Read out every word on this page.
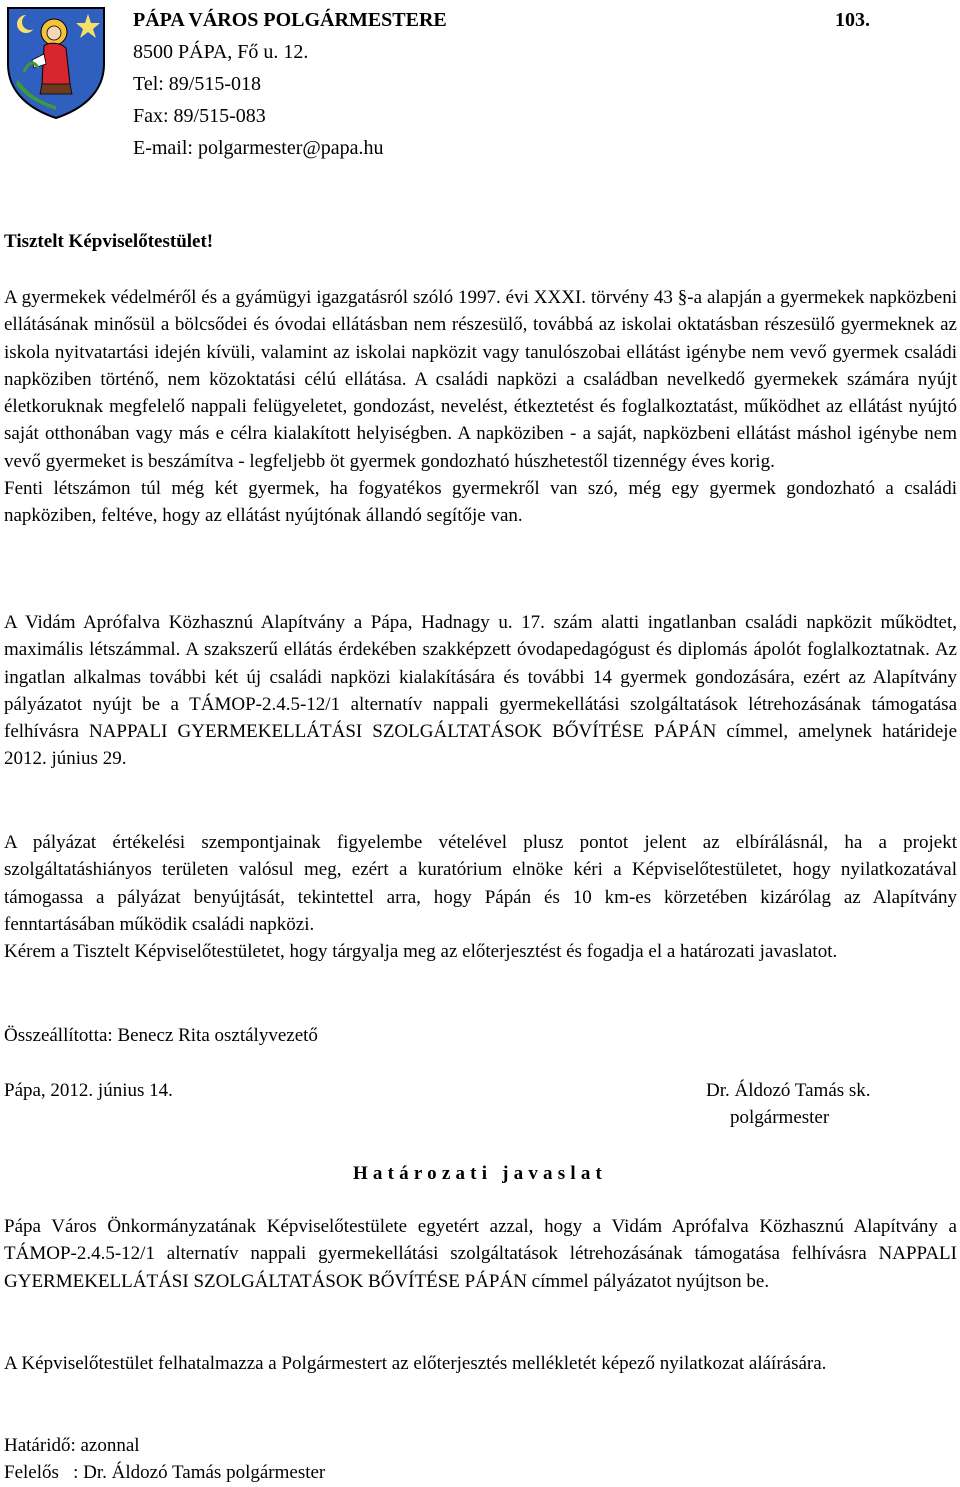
PÁPA VÁROS POLGÁRMESTERE
8500 PÁPA, Fő u. 12.
Tel: 89/515-018
Fax: 89/515-083
E-mail: polgarmester@papa.hu
103.
Tisztelt Képviselőtestület!

A gyermekek védelméről és a gyámügyi igazgatásról szóló 1997. évi XXXI. törvény 43 §-a alapján a gyermekek napközbeni ellátásának minősül a bölcsődei és óvodai ellátásban nem részesülő, továbbá az iskolai oktatásban részesülő gyermeknek az iskola nyitvatartási idején kívüli, valamint az iskolai napközit vagy tanulószobai ellátást igénybe nem vevő gyermek családi napköziben történő, nem közoktatási célú ellátása. A családi napközi a családban nevelkedő gyermekek számára nyújt életkoruknak megfelelő nappali felügyeletet, gondozást, nevelést, étkeztetést és foglalkoztatást, működhet az ellátást nyújtó saját otthonában vagy más e célra kialakított helyiségben. A napköziben - a saját, napközbeni ellátást máshol igénybe nem vevő gyermeket is beszámítva - legfeljebb öt gyermek gondozható húszhetestől tizennégy éves korig.

Fenti létszámon túl még két gyermek, ha fogyatékos gyermekről van szó, még egy gyermek gondozható a családi napköziben, feltéve, hogy az ellátást nyújtónak állandó segítője van.

A Vidám Aprófalva Közhasznú Alapítvány a Pápa, Hadnagy u. 17. szám alatti ingatlanban családi napközit működtet, maximális létszámmal. A szakszerű ellátás érdekében szakképzett óvodapedagógust és diplomás ápolót foglalkoztatnak. Az ingatlan alkalmas további két új családi napközi kialakítására és további 14 gyermek gondozására, ezért az Alapítvány pályázatot nyújt be a TÁMOP-2.4.5-12/1 alternatív nappali gyermekellátási szolgáltatások létrehozásának támogatása felhívásra NAPPALI GYERMEKELLÁTÁSI SZOLGÁLTATÁSOK BŐVÍTÉSE PÁPÁN címmel, amelynek határideje 2012. június 29.

A pályázat értékelési szempontjainak figyelembe vételével plusz pontot jelent az elbírálásnál, ha a projekt szolgáltatáshiányos területen valósul meg, ezért a kuratórium elnöke kéri a Képviselőtestületet, hogy nyilatkozatával támogassa a pályázat benyújtását, tekintettel arra, hogy Pápán és 10 km-es körzetében kizárólag az Alapítvány fenntartásában működik családi napközi.

Kérem a Tisztelt Képviselőtestületet, hogy tárgyalja meg az előterjesztést és fogadja el a határozati javaslatot.

Összeállította: Benecz Rita osztályvezető
Pápa, 2012. június 14.	Dr. Áldozó Tamás sk.
polgármester
Határozati javaslat
Pápa Város Önkormányzatának Képviselőtestülete egyetért azzal, hogy a Vidám Aprófalva Közhasznú Alapítvány a TÁMOP-2.4.5-12/1 alternatív nappali gyermekellátási szolgáltatások létrehozásának támogatása felhívásra NAPPALI GYERMEKELLÁTÁSI SZOLGÁLTATÁSOK BŐVÍTÉSE PÁPÁN címmel pályázatot nyújtson be.
A Képviselőtestület felhatalmazza a Polgármestert az előterjesztés mellékletét képező nyilatkozat aláírására.
Határidő: azonnal
Felelős   : Dr. Áldozó Tamás polgármester
